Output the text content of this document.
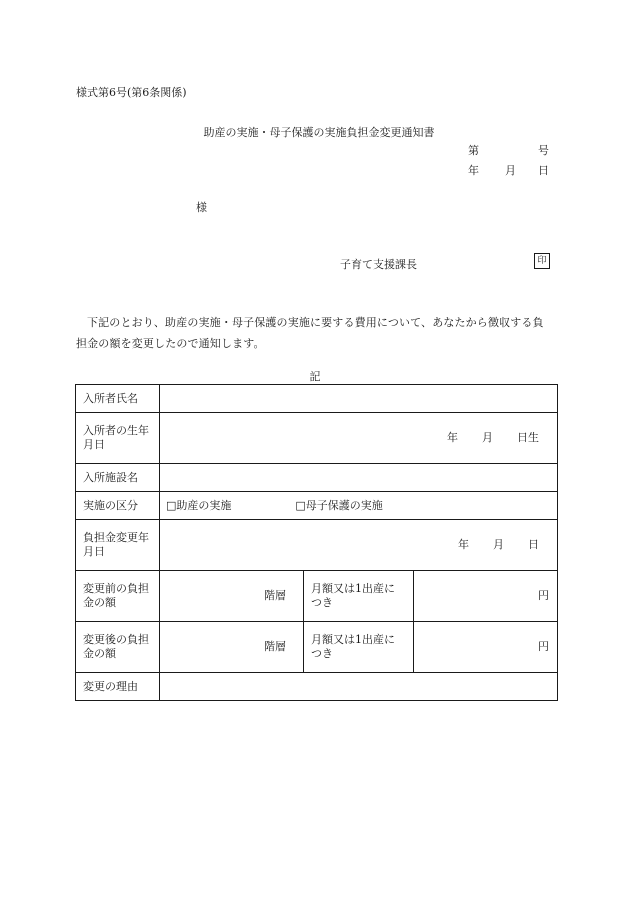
様式第6号(第6条関係)
助産の実施・母子保護の実施負担金変更通知書
第	号
年 月 日
様
子育て支援課長	印
下記のとおり、助産の実施・母子保護の実施に要する費用について、あなたから徴収する負担金の額を変更したので通知します。
記
入所者氏名			
入所者の生年月日	年 月 日生		
入所施設名			
実施の区分	□助産の実施 □母子保護の実施		
負担金変更年月日	年 月 日		
変更前の負担金の額	階層	月額又は1出産につき	円
変更後の負担金の額	階層	月額又は1出産につき	円
変更の理由			
